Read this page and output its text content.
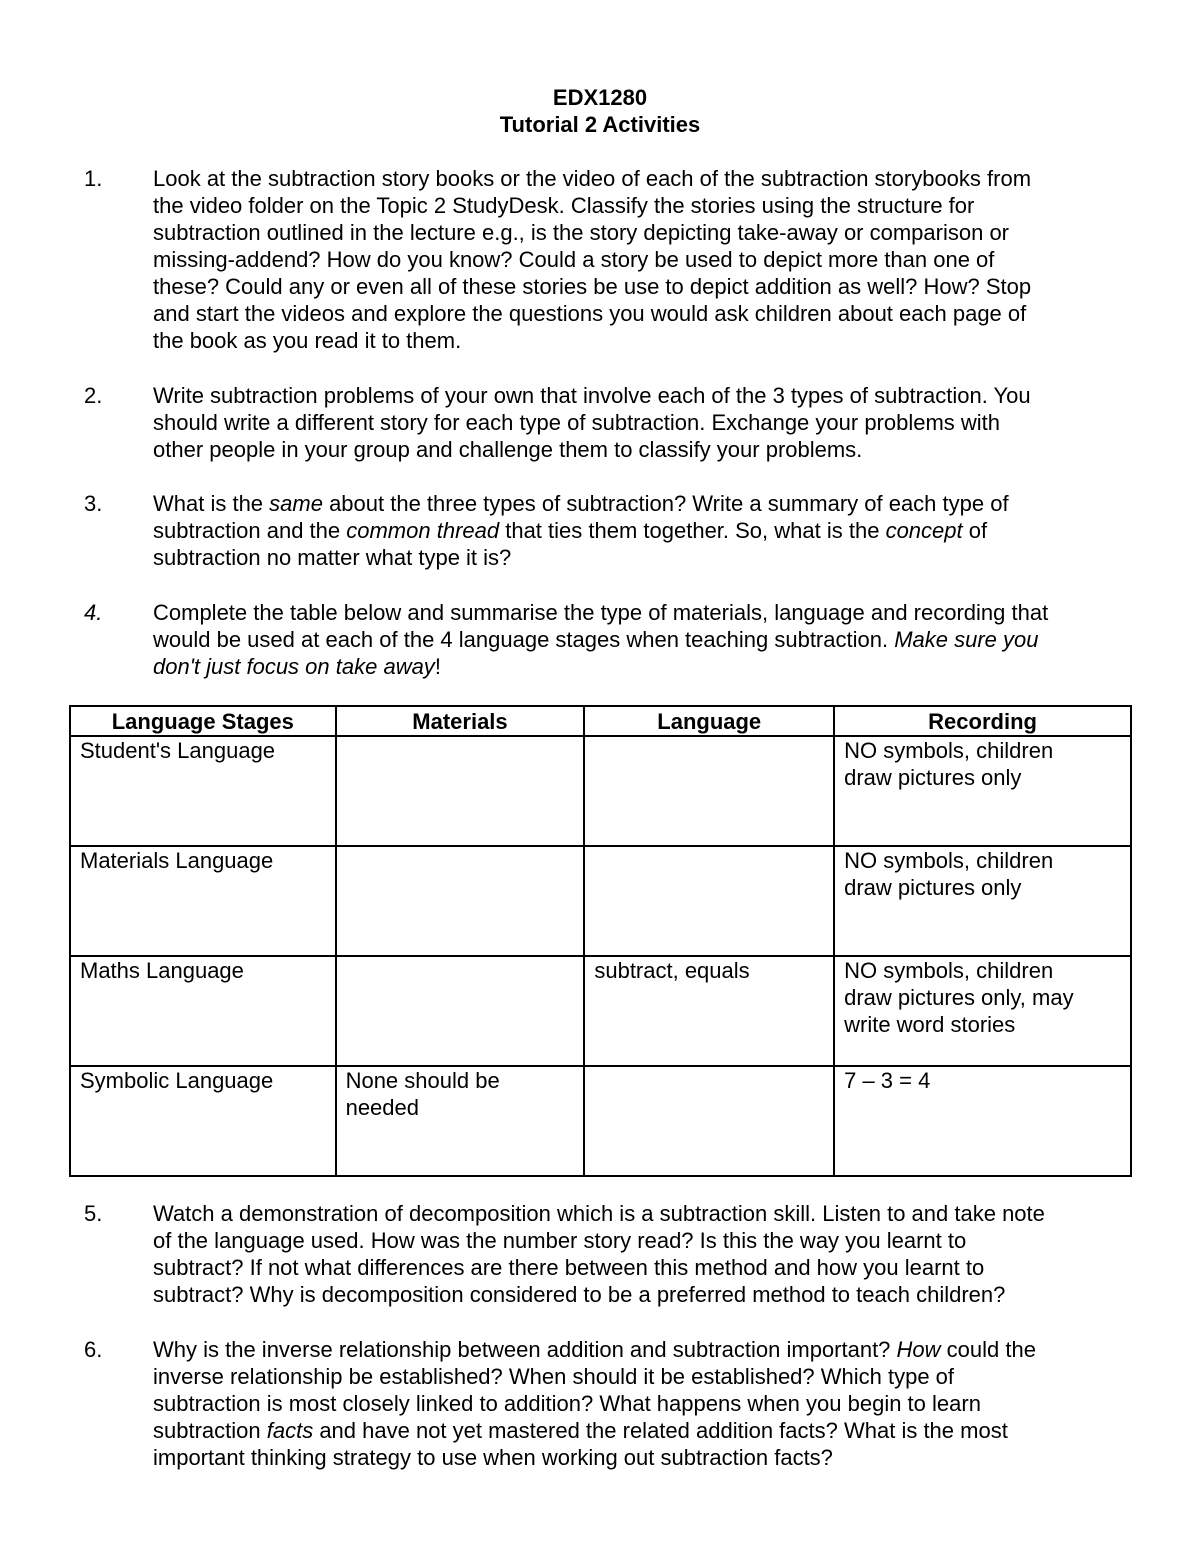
EDX1280
Tutorial 2 Activities
1. Look at the subtraction story books or the video of each of the subtraction storybooks from
the video folder on the Topic 2 StudyDesk. Classify the stories using the structure for
subtraction outlined in the lecture e.g., is the story depicting take-away or comparison or
missing-addend? How do you know? Could a story be used to depict more than one of
these? Could any or even all of these stories be use to depict addition as well? How? Stop
and start the videos and explore the questions you would ask children about each page of
the book as you read it to them.
2. Write subtraction problems of your own that involve each of the 3 types of subtraction. You
should write a different story for each type of subtraction. Exchange your problems with
other people in your group and challenge them to classify your problems.
3. What is the same about the three types of subtraction? Write a summary of each type of
subtraction and the common thread that ties them together. So, what is the concept of
subtraction no matter what type it is?
4. Complete the table below and summarise the type of materials, language and recording that
would be used at each of the 4 language stages when teaching subtraction. Make sure you
don't just focus on take away!
Language Stages	Materials	Language	Recording
Student's Language			NO symbols, children
draw pictures only

Materials Language			NO symbols, children
draw pictures only

Maths Language		subtract, equals	NO symbols, children
draw pictures only, may
write word stories

Symbolic Language	None should be
needed		7 – 3 = 4
5. Watch a demonstration of decomposition which is a subtraction skill. Listen to and take note
of the language used. How was the number story read? Is this the way you learnt to
subtract? If not what differences are there between this method and how you learnt to
subtract? Why is decomposition considered to be a preferred method to teach children?
6. Why is the inverse relationship between addition and subtraction important? How could the
inverse relationship be established? When should it be established? Which type of
subtraction is most closely linked to addition? What happens when you begin to learn
subtraction facts and have not yet mastered the related addition facts? What is the most
important thinking strategy to use when working out subtraction facts?
